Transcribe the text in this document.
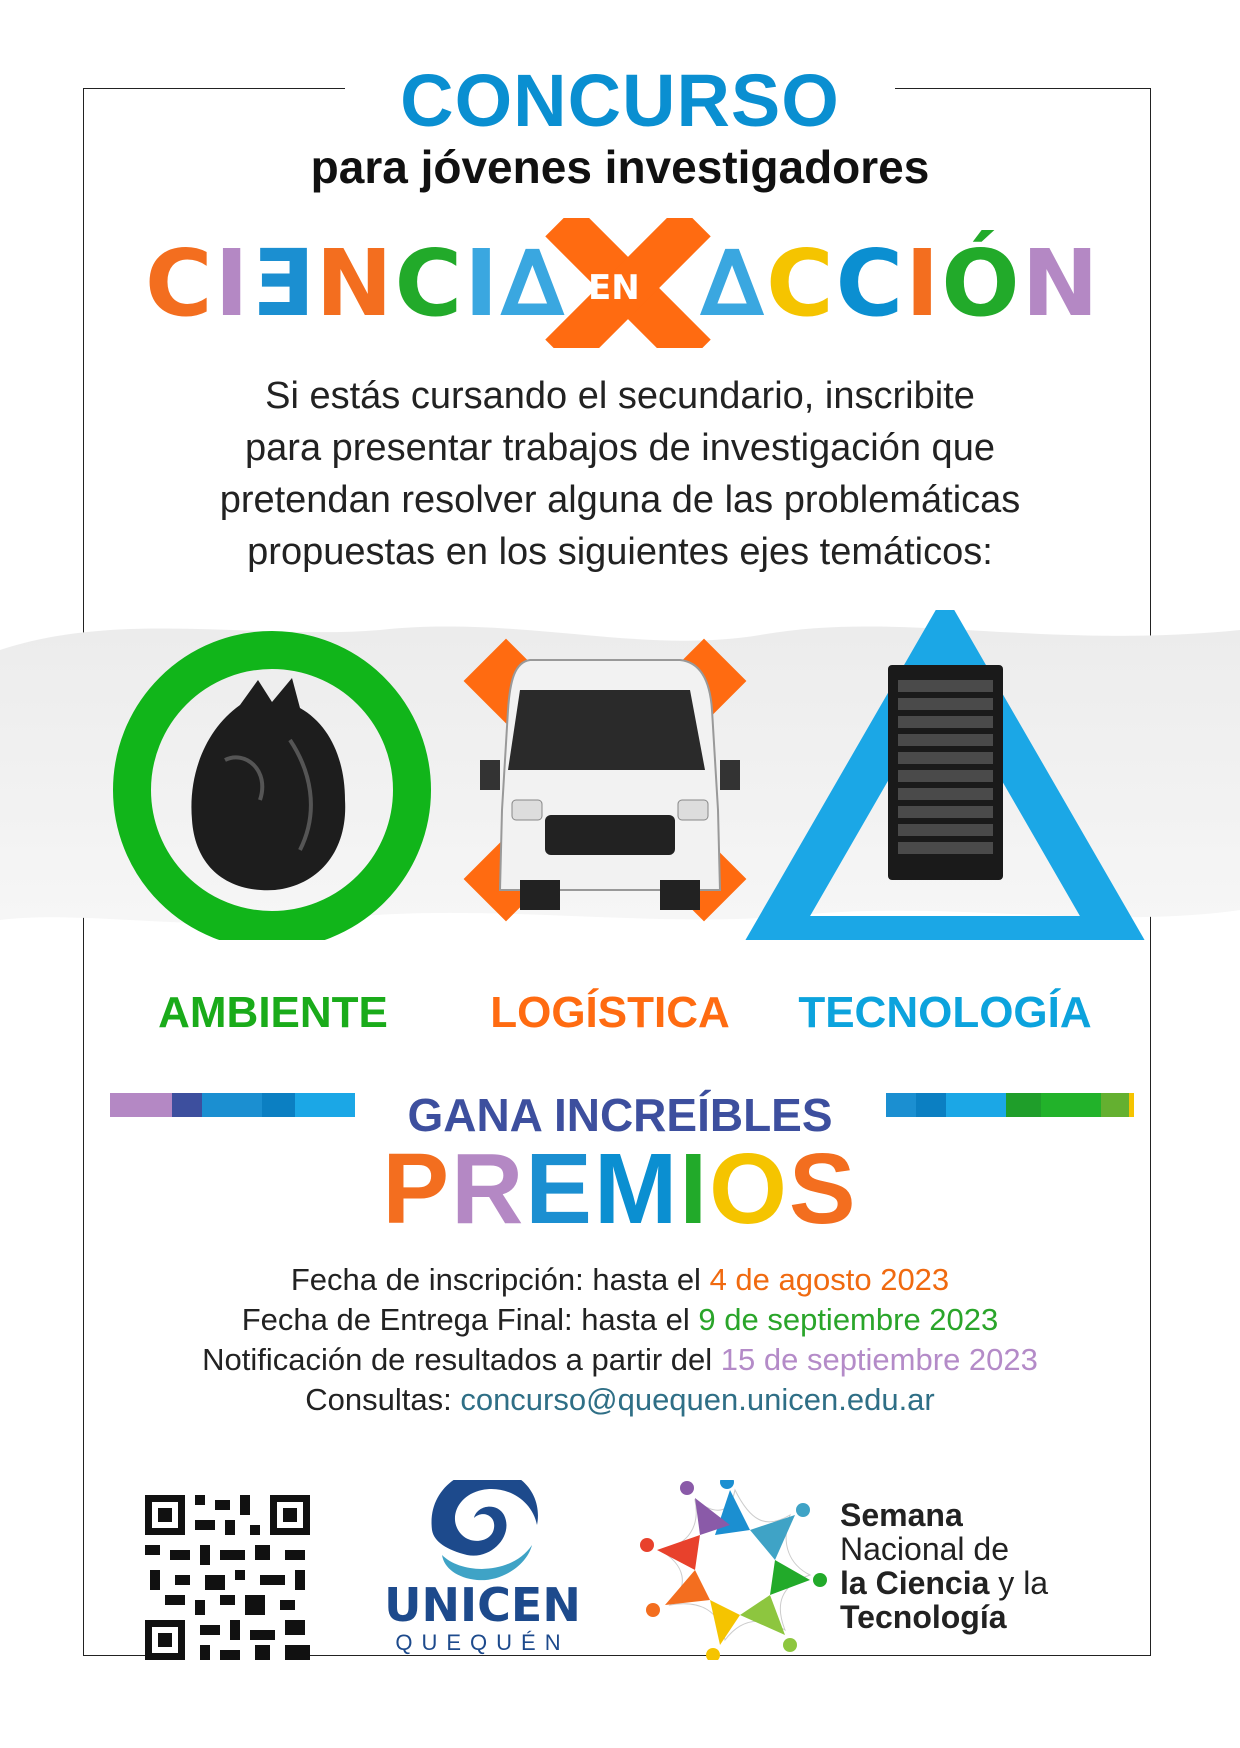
CONCURSO
para jóvenes investigadores
CIƎNCI∆ ∆CCIÓN
EN
Si estás cursando el secundario, inscribite
para presentar trabajos de investigación que
pretendan resolver alguna de las problemáticas
propuestas en los siguientes ejes temáticos:
AMBIENTE	LOGÍSTICA	TECNOLOGÍA
GANA INCREÍBLES
PREMIOS
Fecha de inscripción: hasta el 4 de agosto 2023
Fecha de Entrega Final: hasta el 9 de septiembre 2023
Notificación de resultados a partir del 15 de septiembre 2023
Consultas: concurso@quequen.unicen.edu.ar
UNICEN
QUEQUÉN
Semana
Nacional de
la Ciencia y la
Tecnología
